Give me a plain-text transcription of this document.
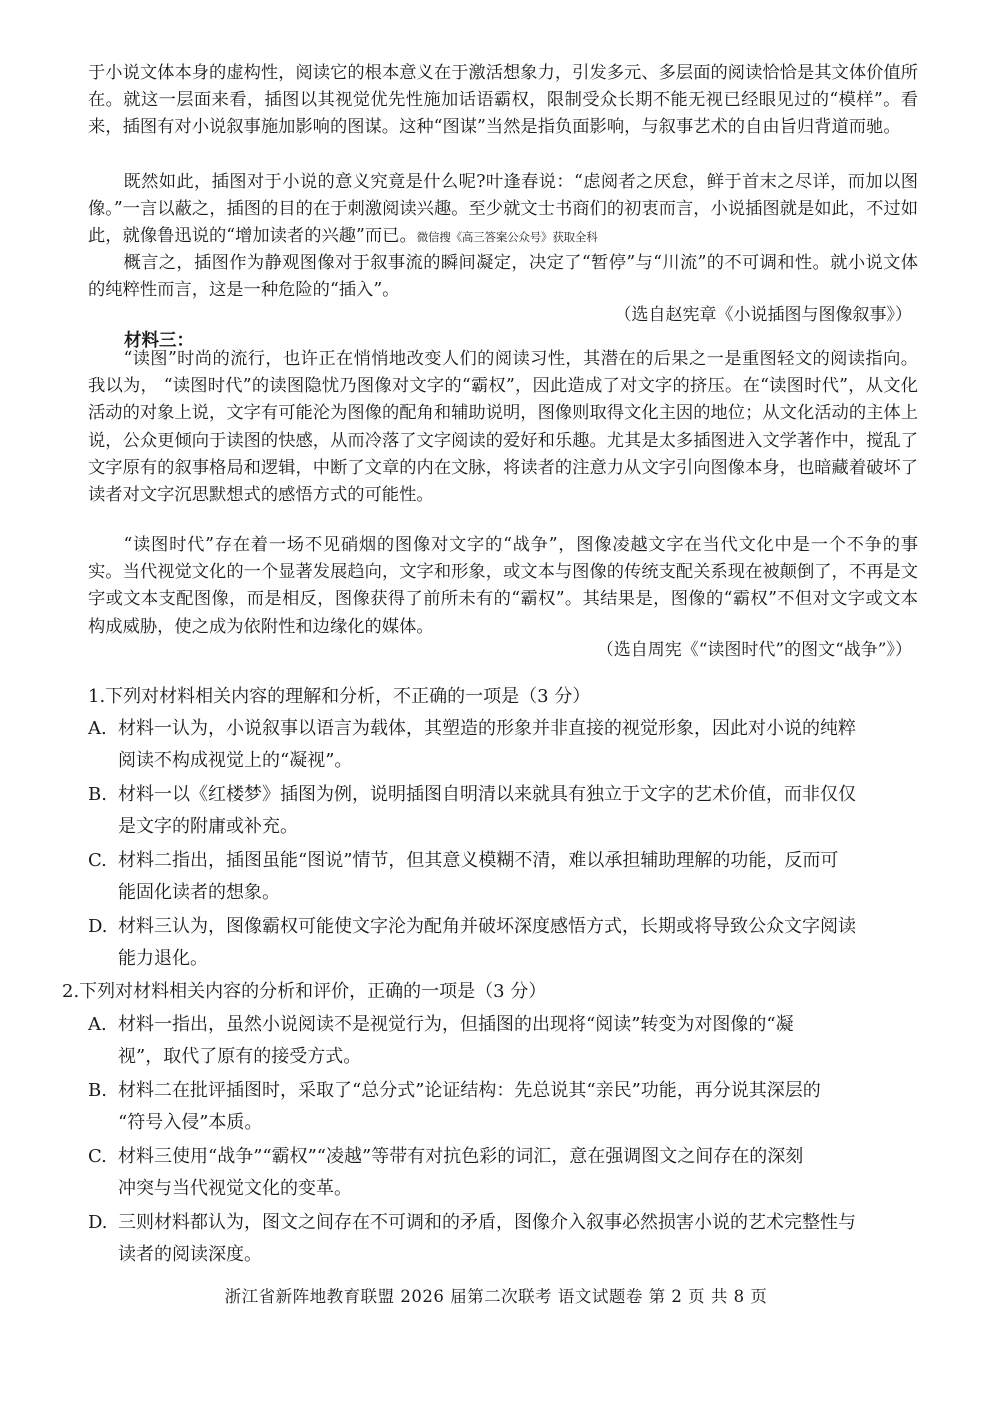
于小说文体本身的虚构性，阅读它的根本意义在于激活想象力，引发多元、多层面的阅读恰恰是其文体价值所在。就这一层面来看，插图以其视觉优先性施加话语霸权，限制受众长期不能无视已经眼见过的“模样”。看来，插图有对小说叙事施加影响的图谋。这种“图谋”当然是指负面影响，与叙事艺术的自由旨归背道而驰。

既然如此，插图对于小说的意义究竟是什么呢?叶逢春说：“虑阅者之厌怠，鲜于首末之尽详，而加以图像。”一言以蔽之，插图的目的在于刺激阅读兴趣。至少就文士书商们的初衷而言，小说插图就是如此，不过如此，就像鲁迅说的“增加读者的兴趣”而已。微信搜《高三答案公众号》获取全科

概言之，插图作为静观图像对于叙事流的瞬间凝定，决定了“暂停”与“川流”的不可调和性。就小说文体的纯粹性而言，这是一种危险的“插入”。

（选自赵宪章《小说插图与图像叙事》）

材料三：

“读图”时尚的流行，也许正在悄悄地改变人们的阅读习性，其潜在的后果之一是重图轻文的阅读指向。我以为， “读图时代”的读图隐忧乃图像对文字的“霸权”，因此造成了对文字的挤压。在“读图时代”，从文化活动的对象上说，文字有可能沦为图像的配角和辅助说明，图像则取得文化主因的地位；从文化活动的主体上说，公众更倾向于读图的快感，从而冷落了文字阅读的爱好和乐趣。尤其是太多插图进入文学著作中，搅乱了文字原有的叙事格局和逻辑，中断了文章的内在文脉，将读者的注意力从文字引向图像本身，也暗藏着破坏了读者对文字沉思默想式的感悟方式的可能性。

“读图时代”存在着一场不见硝烟的图像对文字的“战争”，图像凌越文字在当代文化中是一个不争的事实。当代视觉文化的一个显著发展趋向，文字和形象，或文本与图像的传统支配关系现在被颠倒了，不再是文字或文本支配图像，而是相反，图像获得了前所未有的“霸权”。其结果是，图像的“霸权”不但对文字或文本构成威胁，使之成为依附性和边缘化的媒体。

（选自周宪《“读图时代”的图文“战争”》）

1.下列对材料相关内容的理解和分析，不正确的一项是（3 分）

A. 材料一认为，小说叙事以语言为载体，其塑造的形象并非直接的视觉形象，因此对小说的纯粹
阅读不构成视觉上的“凝视”。
B. 材料一以《红楼梦》插图为例，说明插图自明清以来就具有独立于文字的艺术价值，而非仅仅
是文字的附庸或补充。
C. 材料二指出，插图虽能“图说”情节，但其意义模糊不清，难以承担辅助理解的功能，反而可
能固化读者的想象。
D. 材料三认为，图像霸权可能使文字沦为配角并破坏深度感悟方式，长期或将导致公众文字阅读
能力退化。

2.下列对材料相关内容的分析和评价，正确的一项是（3 分）

A. 材料一指出，虽然小说阅读不是视觉行为，但插图的出现将“阅读”转变为对图像的“凝
视”，取代了原有的接受方式。
B. 材料二在批评插图时，采取了“总分式”论证结构：先总说其“亲民”功能，再分说其深层的
“符号入侵”本质。
C. 材料三使用“战争”“霸权”“凌越”等带有对抗色彩的词汇，意在强调图文之间存在的深刻
冲突与当代视觉文化的变革。
D. 三则材料都认为，图文之间存在不可调和的矛盾，图像介入叙事必然损害小说的艺术完整性与
读者的阅读深度。

浙江省新阵地教育联盟 2026 届第二次联考 语文试题卷 第 2 页 共 8 页
